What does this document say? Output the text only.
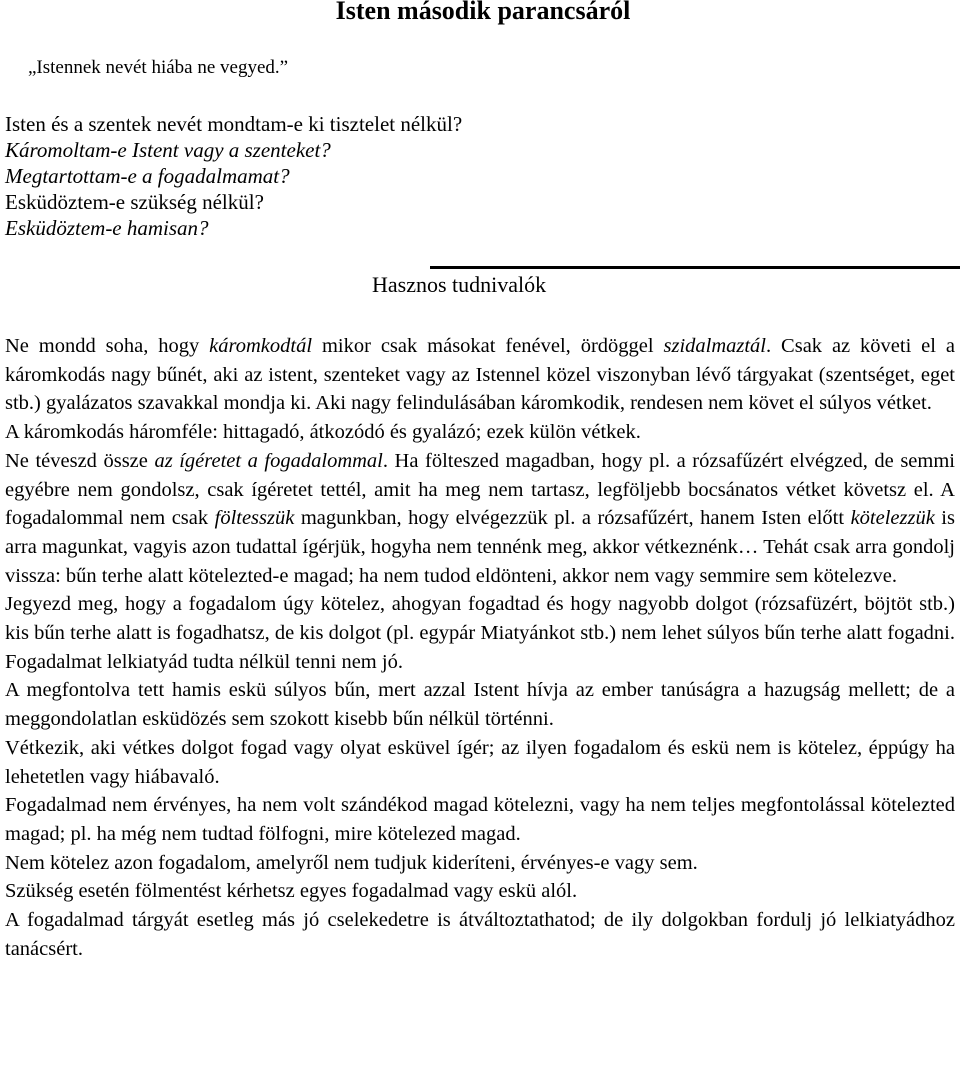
Isten második parancsáról
„Istennek nevét hiába ne vegyed.”
Isten és a szentek nevét mondtam-e ki tisztelet nélkül?
Káromoltam-e Istent vagy a szenteket?
Megtartottam-e a fogadalmamat?
Esküdöztem-e szükség nélkül?
Esküdöztem-e hamisan?
Hasznos tudnivalók

Ne mondd soha, hogy káromkodtál mikor csak másokat fenével, ördöggel szidalmaztál. Csak az követi el a káromkodás nagy bűnét, aki az istent, szenteket vagy az Istennel közel viszonyban lévő tárgyakat (szentséget, eget stb.) gyalázatos szavakkal mondja ki. Aki nagy felindulásában káromkodik, rendesen nem követ el súlyos vétket.

A káromkodás háromféle: hittagadó, átkozódó és gyalázó; ezek külön vétkek.

Ne téveszd össze az ígéretet a fogadalommal. Ha fölteszed magadban, hogy pl. a rózsafűzért elvégzed, de semmi egyébre nem gondolsz, csak ígéretet tettél, amit ha meg nem tartasz, legföljebb bocsánatos vétket követsz el. A fogadalommal nem csak föltesszük magunkban, hogy elvégezzük pl. a rózsafűzért, hanem Isten előtt kötelezzük is arra magunkat, vagyis azon tudattal ígérjük, hogyha nem tennénk meg, akkor vétkeznénk… Tehát csak arra gondolj vissza: bűn terhe alatt kötelezted-e magad; ha nem tudod eldönteni, akkor nem vagy semmire sem kötelezve.

Jegyezd meg, hogy a fogadalom úgy kötelez, ahogyan fogadtad és hogy nagyobb dolgot (rózsafüzért, böjtöt stb.) kis bűn terhe alatt is fogadhatsz, de kis dolgot (pl. egypár Miatyánkot stb.) nem lehet súlyos bűn terhe alatt fogadni. Fogadalmat lelkiatyád tudta nélkül tenni nem jó.

A megfontolva tett hamis eskü súlyos bűn, mert azzal Istent hívja az ember tanúságra a hazugság mellett; de a meggondolatlan esküdözés sem szokott kisebb bűn nélkül történni.

Vétkezik, aki vétkes dolgot fogad vagy olyat esküvel ígér; az ilyen fogadalom és eskü nem is kötelez, éppúgy ha lehetetlen vagy hiábavaló.

Fogadalmad nem érvényes, ha nem volt szándékod magad kötelezni, vagy ha nem teljes megfontolással kötelezted magad; pl. ha még nem tudtad fölfogni, mire kötelezed magad.

Nem kötelez azon fogadalom, amelyről nem tudjuk kideríteni, érvényes-e vagy sem.

Szükség esetén fölmentést kérhetsz egyes fogadalmad vagy eskü alól.

A fogadalmad tárgyát esetleg más jó cselekedetre is átváltoztathatod; de ily dolgokban fordulj jó lelkiatyádhoz tanácsért.
